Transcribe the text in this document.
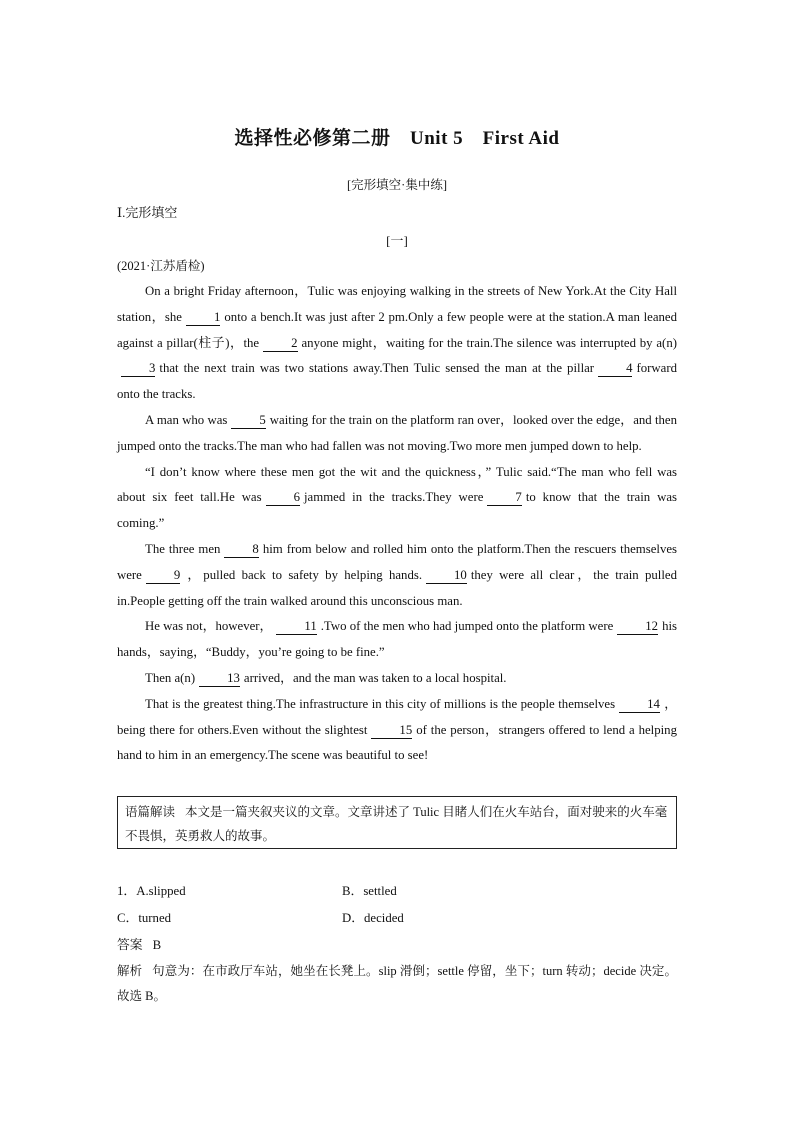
选择性必修第二册　Unit 5　First Aid
[完形填空·集中练]
Ⅰ.完形填空
[一]
(2021·江苏盾检)

On a bright Friday afternoon，Tulic was enjoying walking in the streets of New York.At the City Hall station，she	1 onto a bench.It was just after 2 pm.Only a few people were at the station.A man leaned against a pillar(柱子)，the	2 anyone might，waiting for the train.The silence was interrupted by a(n)3 that the next train was two stations away.Then Tulic sensed the man at the pillar	4 forward onto the tracks.

A man who was	5 waiting for the train on the platform ran over，looked over the edge，and then jumped onto the tracks.The man who had fallen was not moving.Two more men jumped down to help.

“I don’t know where these men got the wit and the quickness，” Tulic said.“The man who fell was about six feet tall.He was	6 jammed in the tracks.They were	7 to know that the train was coming.”

The three men	8 him from below and rolled him onto the platform.Then the rescuers themselves were	9 ，pulled back to safety by helping hands.	10 they were all clear，the train pulled in.People getting off the train walked around this unconscious man.

He was not，however，	11 .Two of the men who had jumped onto the platform were	12 his hands，saying，“Buddy，you’re going to be fine.”

Then a(n)	13 arrived，and the man was taken to a local hospital.

That is the greatest thing.The infrastructure in this city of millions is the people themselves	14 ，being there for others.Even without the slightest	15 of the person，strangers offered to lend a helping hand to him in an emergency.The scene was beautiful to see!

语篇解读 本文是一篇夹叙夹议的文章。文章讲述了 Tulic 目睹人们在火车站台，面对驶来的火车毫不畏惧，英勇救人的故事。
1．A.slipped	B．settled
C．turned	D．decided
答案 B
解析 句意为：在市政厅车站，她坐在长凳上。slip 滑倒；settle 停留，坐下；turn 转动；decide 决定。故选 B。
